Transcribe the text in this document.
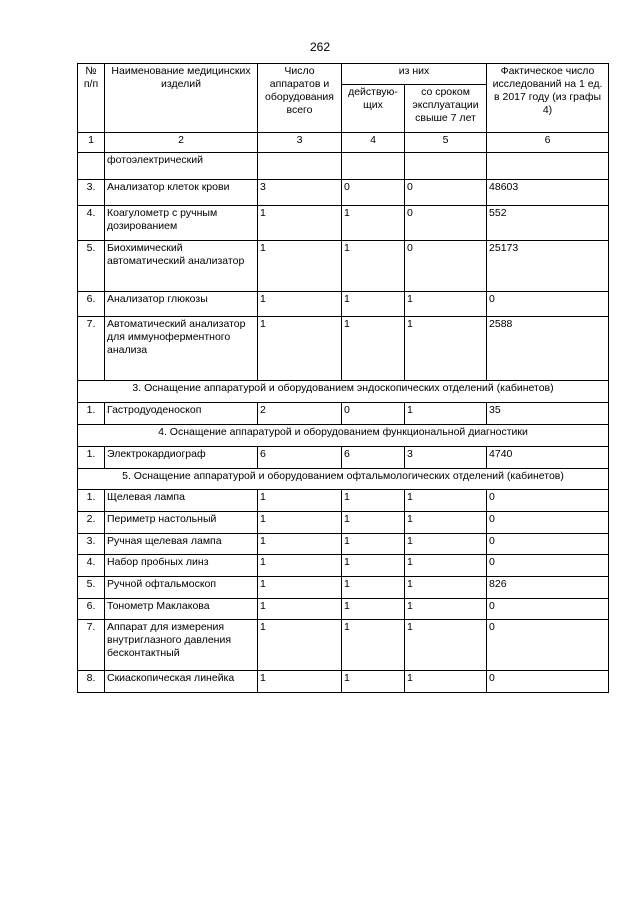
262
№ п/п	Наименование медицинских изделий	Число аппаратов и оборудования всего	из них		Фактическое число исследований на 1 ед. в 2017 году (из графы 4)
			действую-щих	со сроком эксплуатации свыше 7 лет	
1	2	3	4	5	6
	фотоэлектрический				
3.	Анализатор клеток крови	3	0	0	48603
4.	Коагулометр с ручным дозированием	1	1	0	552
5.	Биохимический автоматический анализатор	1	1	0	25173
6.	Анализатор глюкозы	1	1	1	0
7.	Автоматический анализатор для иммуноферментного анализа	1	1	1	2588
3. Оснащение аппаратурой и оборудованием эндоскопических отделений (кабинетов)					
1.	Гастродуоденоскоп	2	0	1	35
4. Оснащение аппаратурой и оборудованием функциональной диагностики					
1.	Электрокардиограф	6	6	3	4740
5. Оснащение аппаратурой и оборудованием офтальмологических отделений (кабинетов)					
1.	Щелевая лампа	1	1	1	0
2.	Периметр настольный	1	1	1	0
3.	Ручная щелевая лампа	1	1	1	0
4.	Набор пробных линз	1	1	1	0
5.	Ручной офтальмоскоп	1	1	1	826
6.	Тонометр Маклакова	1	1	1	0
7.	Аппарат для измерения внутриглазного давления бесконтактный	1	1	1	0
8.	Скиаскопическая линейка	1	1	1	0
